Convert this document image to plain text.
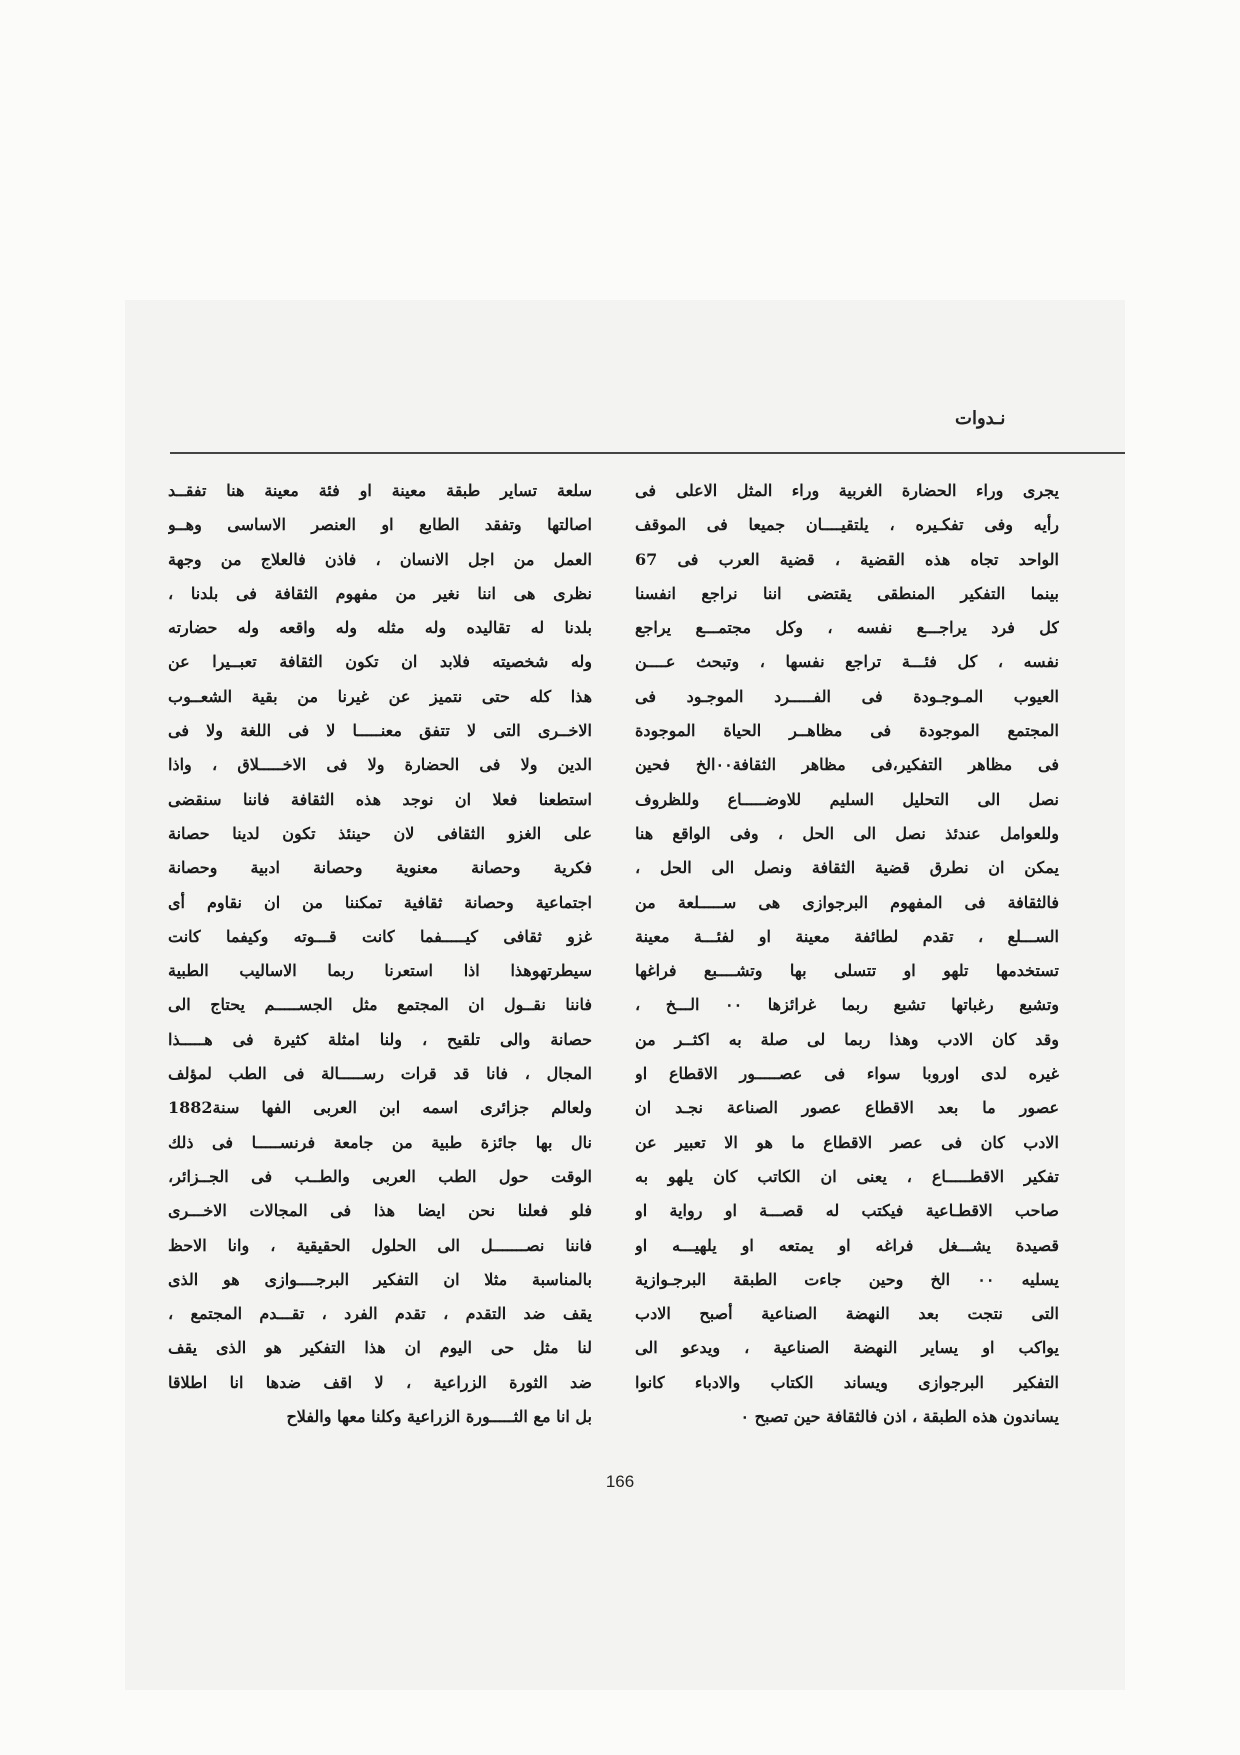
نـدوات
يجرى وراء الحضارة الغربية وراء المثل الاعلى فى
رأيه وفى تفكـيره ، يلتقيــــان جميعا فى الموقف
الواحد تجاه هذه القضية ، قضية العرب فى 67
بينما التفكير المنطقى يقتضى اننا نراجع انفسنا
كل فرد يراجـــع نفسه ، وكل مجتمـــع يراجع
نفسه ، كل فئـــة تراجع نفسها ، وتبحث عــــن
العيوب المـوجـودة فى الفـــــرد الموجـود فى
المجتمع الموجودة فى مظاهــر الحياة الموجودة
فى مظاهر التفكير،فى مظاهر الثقافة٠٠الخ فحين
نصل الى التحليل السليم للاوضـــــاع وللظروف
وللعوامل عندئذ نصل الى الحل ، وفى الواقع هنا
يمكن ان نطرق قضية الثقافة ونصل الى الحل ،
فالثقافة فى المفهوم البرجوازى هى ســـــلعة من
الســـلع ، تقدم لطائفة معينة او لفئـــة معينة
تستخدمها تلهو او تتسلى بها وتشــــبع فراغها
وتشبع رغباتها تشبع ربما غرائزها ٠٠ الـــخ ،
وقد كان الادب وهذا ربما لى صلة به اكثــر من
غيره لدى اوروبا سواء فى عصـــــور الاقطاع او
عصور ما بعد الاقطاع عصور الصناعة نجـد ان
الادب كان فى عصر الاقطاع ما هو الا تعبير عن
تفكير الاقطـــــاع ، يعنى ان الكاتب كان يلهو به
صاحب الاقطـاعية فيكتب له قصـــة او رواية او
قصيدة يشـــغل فراغه او يمتعه او يلهيـــه او
يسليه ٠٠ الخ وحين جاءت الطبقة البرجـوازية
التى نتجت بعد النهضة الصناعية أصبح الادب
يواكب او يساير النهضة الصناعية ، ويدعو الى
التفكير البرجوازى ويساند الكتاب والادباء كانوا
يساندون هذه الطبقة ، اذن فالثقافة حين تصبح ٠
سلعة تساير طبقة معينة او فئة معينة هنا تفقــد
اصالتها وتفقد الطابع او العنصر الاساسى وهــو
العمل من اجل الانسان ، فاذن فالعلاج من وجهة
نظرى هى اننا نغير من مفهوم الثقافة فى بلدنا ،
بلدنا له تقاليده وله مثله وله واقعه وله حضارته
وله شخصيته فلابد ان تكون الثقافة تعبــيرا عن
هذا كله حتى نتميز عن غيرنا من بقية الشعــوب
الاخــرى التى لا تتفق معنـــــا لا فى اللغة ولا فى
الدين ولا فى الحضارة ولا فى الاخـــــلاق ، واذا
استطعنا فعلا ان نوجد هذه الثقافة فاننا سنقضى
على الغزو الثقافى لان حينئذ تكون لدينا حصانة
فكرية وحصانة معنوية وحصانة ادبية وحصانة
اجتماعية وحصانة ثقافية تمكننا من ان نقاوم أى
غزو ثقافى كيـــــفما كانت قـــوته وكيفما كانت
سيطرتهوهذا اذا استعرنا ربما الاساليب الطبية
فاننا نقــول ان المجتمع مثل الجســـــم يحتاج الى
حصانة والى تلقيح ، ولنا امثلة كثيرة فى هـــــذا
المجال ، فانا قد قرات رســـــالة فى الطب لمؤلف
ولعالم جزائرى اسمه ابن العربى الفها سنة1882
نال بها جائزة طبية من جامعة فرنســـــا فى ذلك
الوقت حول الطب العربى والطــب فى الجــزائر،
فلو فعلنا نحن ايضا هذا فى المجالات الاخـــرى
فاننا نصـــــــل الى الحلول الحقيقية ، وانا الاحظ
بالمناسبة مثلا ان التفكير البرجــــوازى هو الذى
يقف ضد التقدم ، تقدم الفرد ، تقـــدم المجتمع ،
لنا مثل حى اليوم ان هذا التفكير هو الذى يقف
ضد الثورة الزراعية ، لا اقف ضدها انا اطلاقا
بل انا مع الثـــــورة الزراعية وكلنا معها والفلاح
166
